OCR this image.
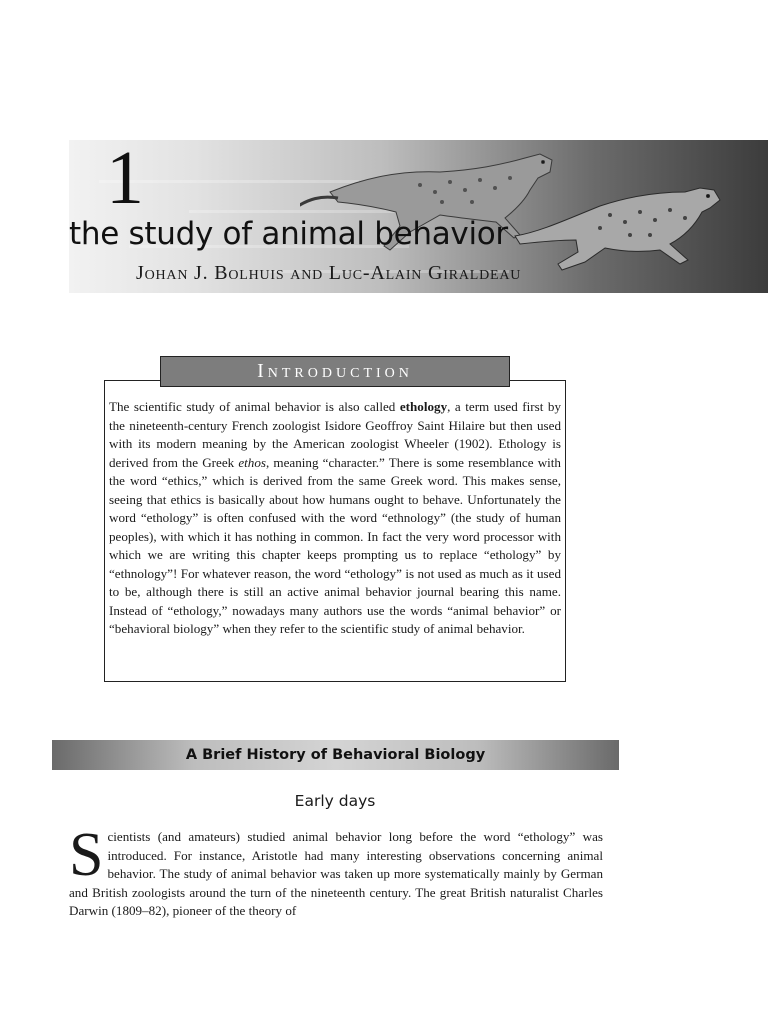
1
the study of animal behavior
Johan J. Bolhuis and Luc-Alain Giraldeau

The scientific study of animal behavior is also called ethology, a term used first by the nineteenth-century French zoologist Isidore Geoffroy Saint Hilaire but then used with its modern meaning by the American zoologist Wheeler (1902). Ethology is derived from the Greek ethos, meaning “character.” There is some resemblance with the word “ethics,” which is derived from the same Greek word. This makes sense, seeing that ethics is basically about how humans ought to behave. Unfortunately the word “ethology” is often confused with the word “ethnology” (the study of human peoples), with which it has nothing in common. In fact the very word processor with which we are writing this chapter keeps prompting us to replace “ethology” by “ethnology”! For whatever reason, the word “ethology” is not used as much as it used to be, although there is still an active animal behavior journal bearing this name. Instead of “ethology,” nowadays many authors use the words “animal behavior” or “behavioral biology” when they refer to the scientific study of animal behavior.

Introduction
A Brief History of Behavioral Biology
Early days
Scientists (and amateurs) studied animal behavior long before the word “ethology” was introduced. For instance, Aristotle had many interesting observations concerning animal behavior. The study of animal behavior was taken up more systematically mainly by German and British zoologists around the turn of the nineteenth century. The great British naturalist Charles Darwin (1809–82), pioneer of the theory of
